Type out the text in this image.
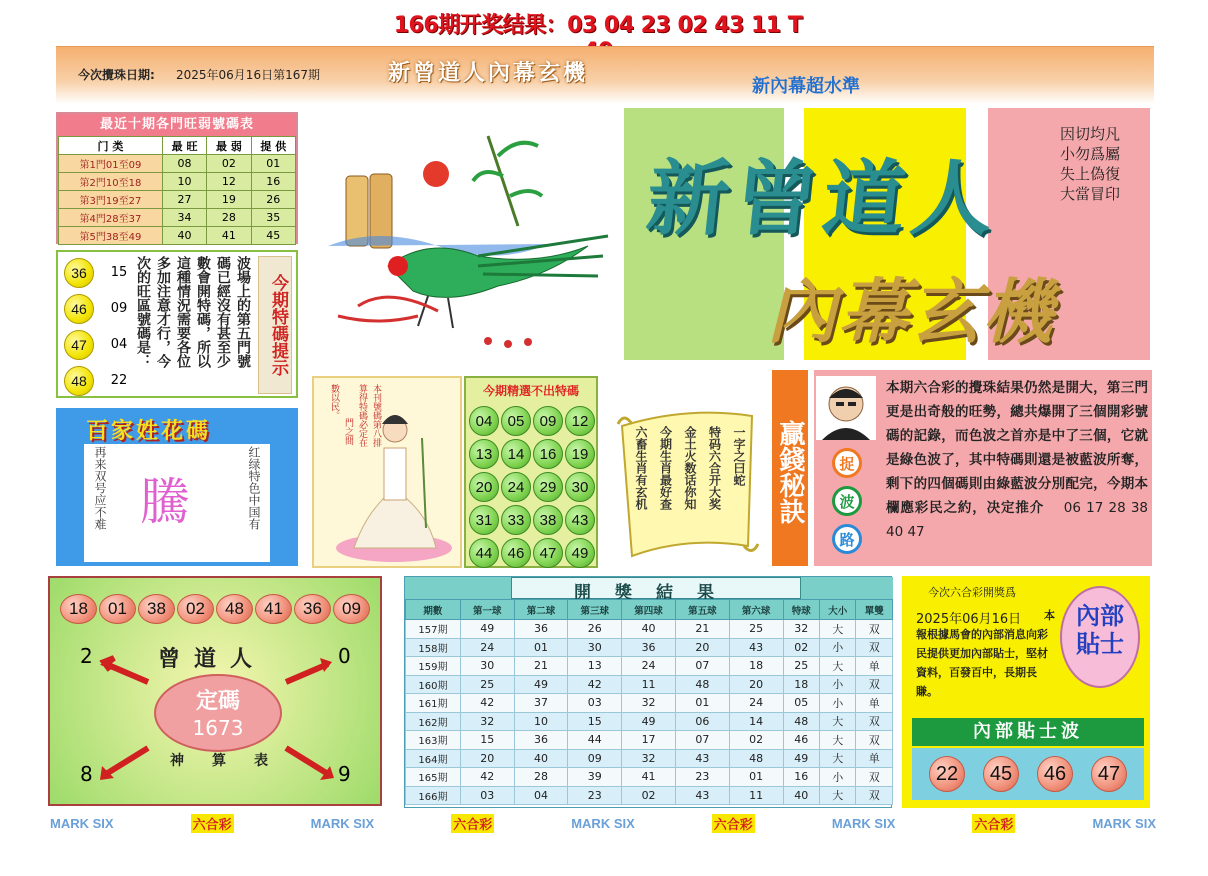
166期开奖结果：03 04 23 02 43 11 T
今次攪珠日期: 2025年06月16日第167期	新曾道人內幕玄機
新內幕超水準
最近十期各門旺弱號碼表
门 类	最 旺	最 弱	提 供
第1門01至09	08	02	01
第2門10至18	10	12	16
第3門19至27	27	19	26
第4門28至37	34	28	35
第5門38至49	40	41	45	新曾道人
內幕玄機
因切均凡
小勿爲屬
失上偽復
大當冒印
36464748
15
09
04
22
波場上的第五門號
碼已經沒有甚至少
數會開特碼，所以
這種情況需要各位
多加注意才行，今
次的旺區號碼是：	今期特碼提示
百家姓花碼
再来双号应不难 騰	红绿特色中国有
本刊號碼第八排
算得特碼必定在
門之間
數以民。	今期精選不出特碼
04	05	09	12
13	14	16	19
20	24	29	30
31	33	38	43
44	46	47	49
一字之曰蛇
特码六合开大奖
金土火数话你知
今期生肖最好查
六畜生肖有玄机	贏錢秘訣	捉
波
路
本期六合彩的攪珠結果仍然是開大，第三門更是出奇般的旺勢，總共爆開了三個開彩號碼的記錄，而色波之首亦是中了三個，它就是綠色波了，其中特碼則還是被藍波所奪，剩下的四個碼則由綠藍波分別配完，今期本欄應彩民之約，决定推介 06 17 28 38 40 47
18	01	38	02	48	41	36	09
曾道人
定碼
1673
神算表
2	0
8	9
開獎結果
期數	第一球	第二球	第三球	第四球	第五球	第六球	特球	大小	單雙
157期	49	36	26	40	21	25	32	大	双
158期	24	01	30	36	20	43	02	小	双
159期	30	21	13	24	07	18	25	大	单
160期	25	49	42	11	48	20	18	小	双
161期	42	37	03	32	01	24	05	小	单
162期	32	10	15	49	06	14	48	大	双
163期	15	36	44	17	07	02	46	大	双
164期	20	40	09	32	43	48	49	大	单
165期	42	28	39	41	23	01	16	小	双
166期	03	04	23	02	43	11	40	大	双
今次六合彩開獎爲
2025年06月16日	本報根據馬會的內部消息向彩民提供更加內部貼士，堅材資料，百發百中，長期長賺。
內部貼士
內部貼士波
22	45	46	47
MARK SIX	六合彩	MARK SIX	六合彩	MARK SIX	六合彩	MARK SIX	六合彩	MARK SIX
